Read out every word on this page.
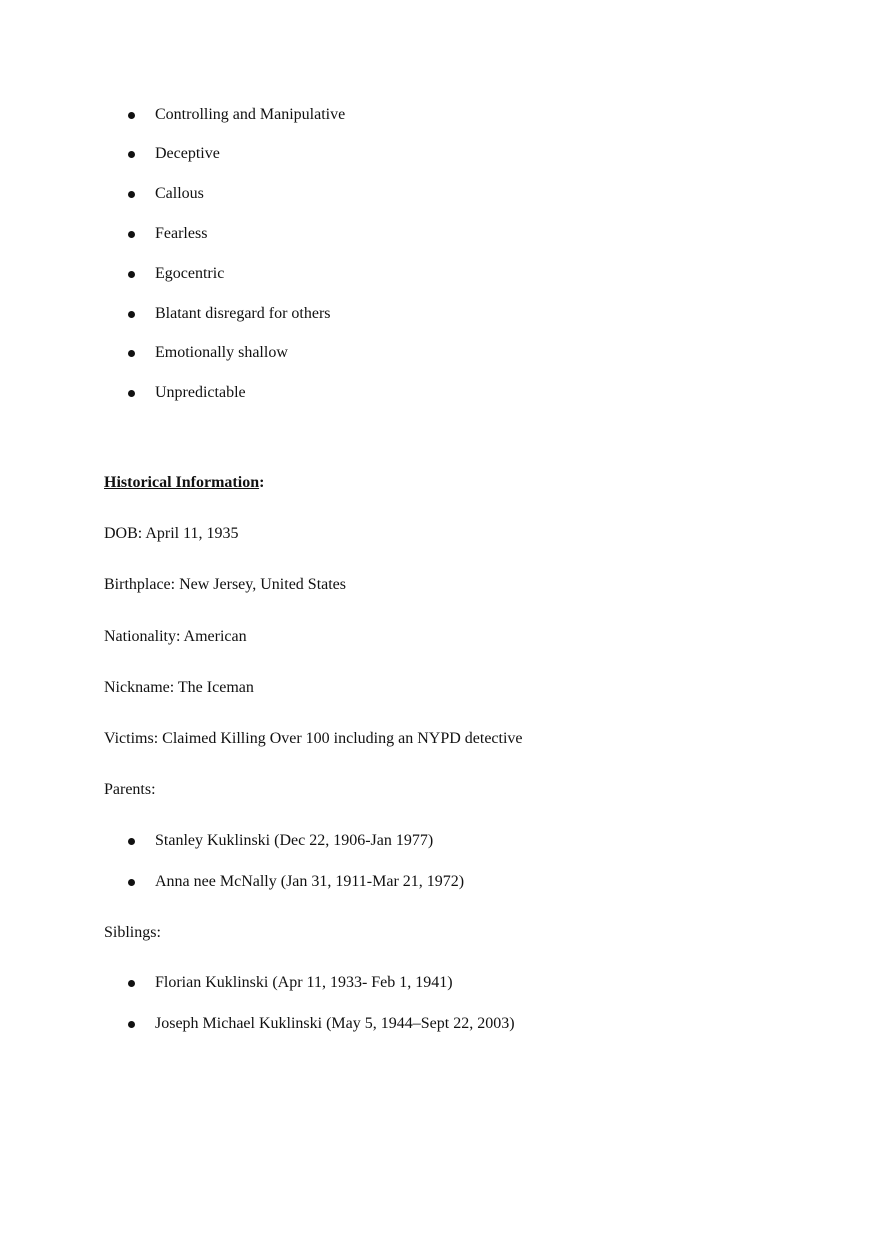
Controlling and Manipulative
Deceptive
Callous
Fearless
Egocentric
Blatant disregard for others
Emotionally shallow
Unpredictable
Historical Information:
DOB: April 11, 1935
Birthplace: New Jersey, United States
Nationality: American
Nickname: The Iceman
Victims: Claimed Killing Over 100 including an NYPD detective
Parents:
Stanley Kuklinski (Dec 22, 1906-Jan 1977)
Anna nee McNally (Jan 31, 1911-Mar 21, 1972)
Siblings:
Florian Kuklinski (Apr 11, 1933- Feb 1, 1941)
Joseph Michael Kuklinski (May 5, 1944–Sept 22, 2003)
